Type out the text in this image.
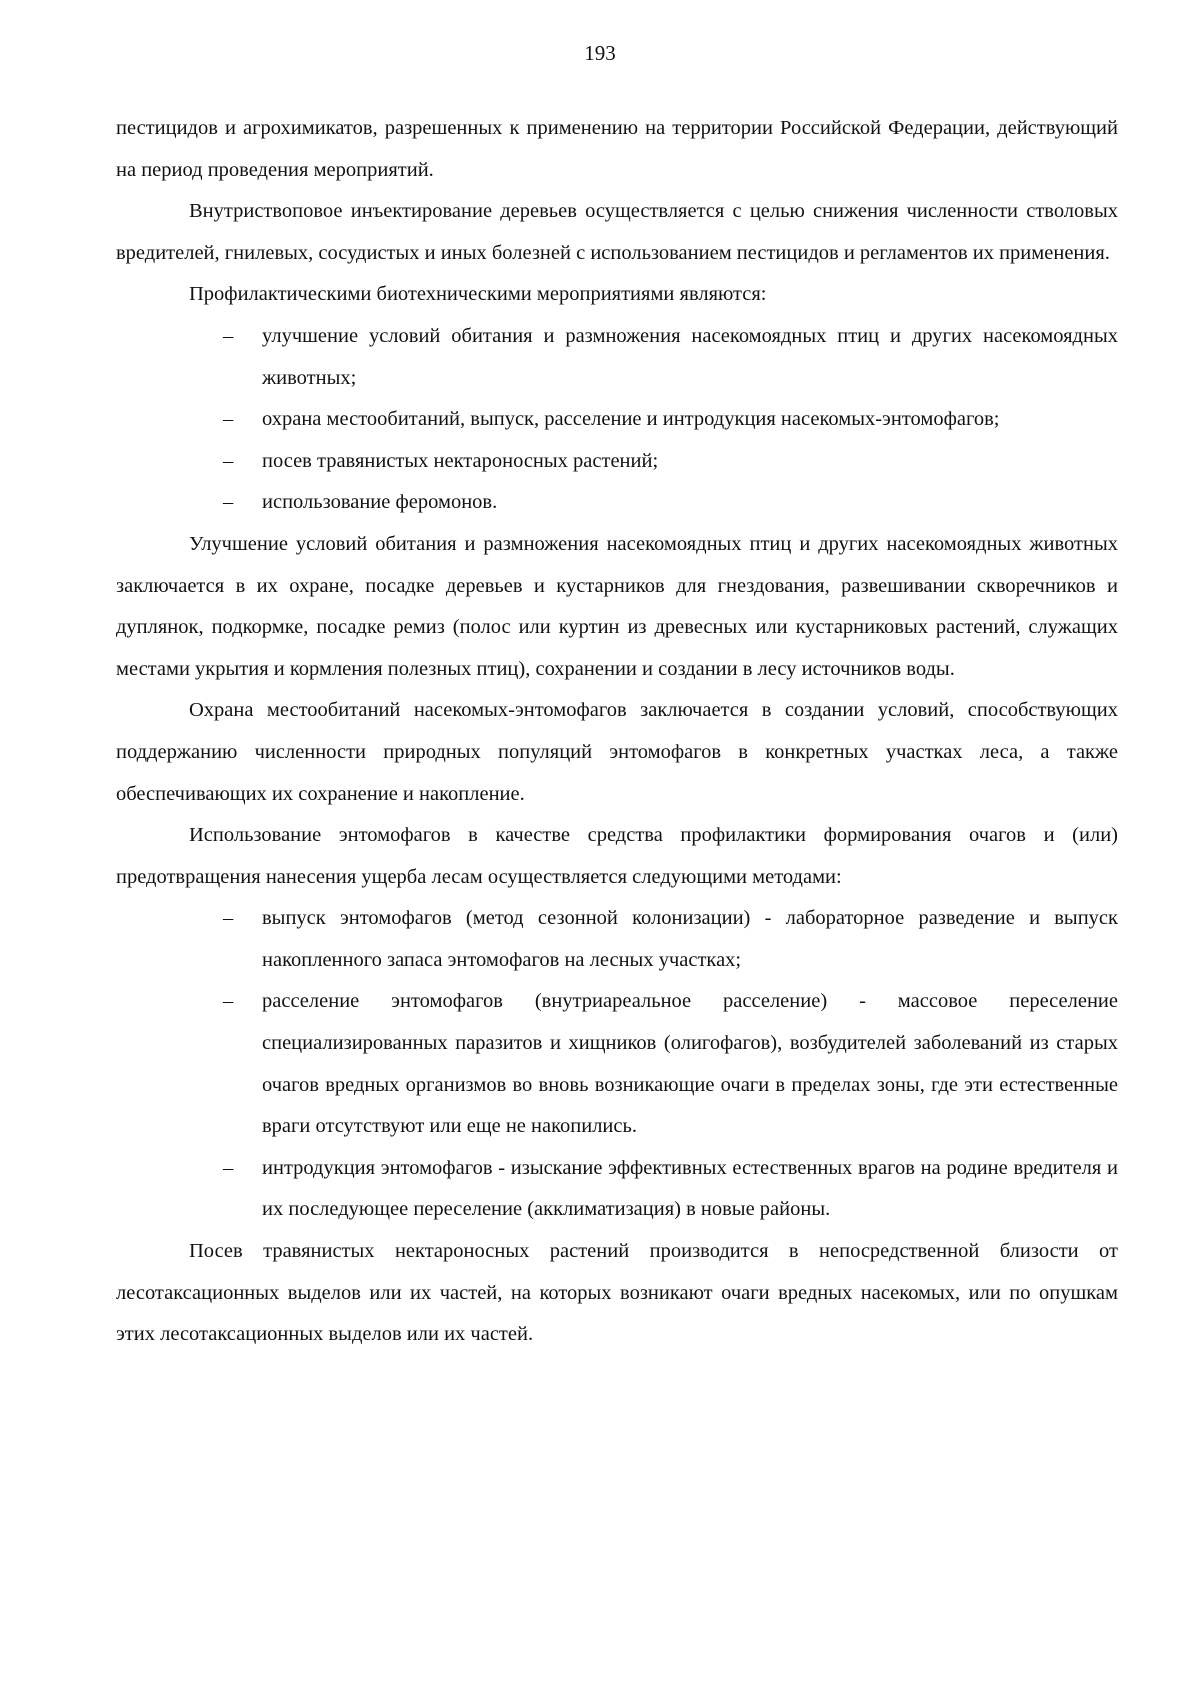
193

пестицидов и агрохимикатов, разрешенных к применению на территории Российской Федерации, действующий на период проведения мероприятий.

Внутриствоповое инъектирование деревьев осуществляется с целью снижения численности стволовых вредителей, гнилевых, сосудистых и иных болезней с использованием пестицидов и регламентов их применения.

Профилактическими биотехническими мероприятиями являются:

– улучшение условий обитания и размножения насекомоядных птиц и других насекомоядных животных;
– охрана местообитаний, выпуск, расселение и интродукция насекомых-энтомофагов;
– посев травянистых нектароносных растений;
– использование феромонов.

Улучшение условий обитания и размножения насекомоядных птиц и других насекомоядных животных заключается в их охране, посадке деревьев и кустарников для гнездования, развешивании скворечников и дуплянок, подкормке, посадке ремиз (полос или куртин из древесных или кустарниковых растений, служащих местами укрытия и кормления полезных птиц), сохранении и создании в лесу источников воды.

Охрана местообитаний насекомых-энтомофагов заключается в создании условий, способствующих поддержанию численности природных популяций энтомофагов в конкретных участках леса, а также обеспечивающих их сохранение и накопление.

Использование энтомофагов в качестве средства профилактики формирования очагов и (или) предотвращения нанесения ущерба лесам осуществляется следующими методами:

– выпуск энтомофагов (метод сезонной колонизации) - лабораторное разведение и выпуск накопленного запаса энтомофагов на лесных участках;
– расселение энтомофагов (внутриареальное расселение) - массовое переселение специализированных паразитов и хищников (олигофагов), возбудителей заболеваний из старых очагов вредных организмов во вновь возникающие очаги в пределах зоны, где эти естественные враги отсутствуют или еще не накопились.
– интродукция энтомофагов - изыскание эффективных естественных врагов на родине вредителя и их последующее переселение (акклиматизация) в новые районы.

Посев травянистых нектароносных растений производится в непосредственной близости от лесотаксационных выделов или их частей, на которых возникают очаги вредных насекомых, или по опушкам этих лесотаксационных выделов или их частей.
